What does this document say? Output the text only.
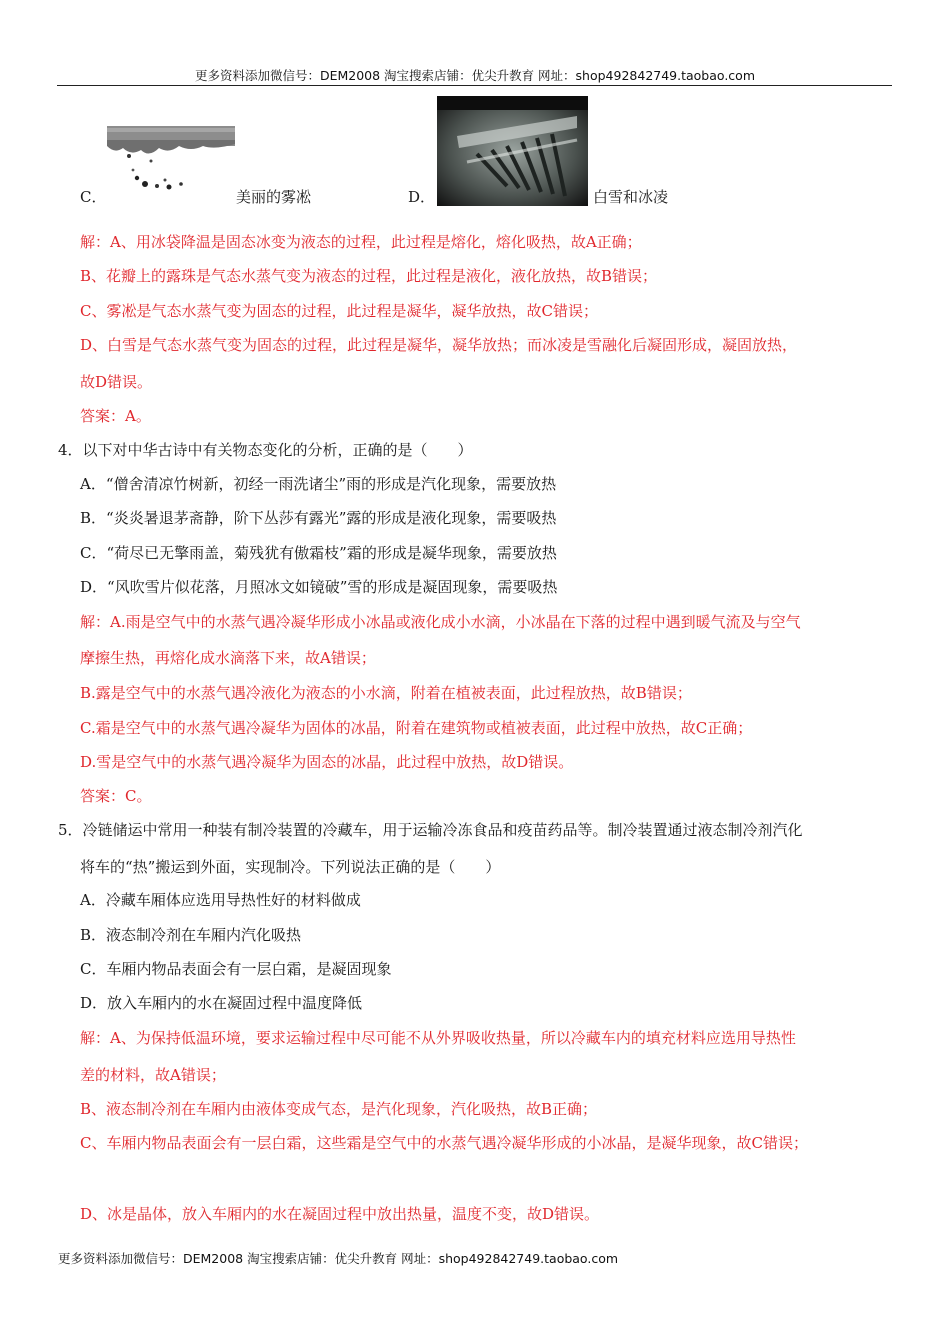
更多资料添加微信号：DEM2008 淘宝搜索店铺：优尖升教育 网址：shop492842749.taobao.com
C．	美丽的雾凇	D．	白雪和冰凌
解：A、用冰袋降温是固态冰变为液态的过程，此过程是熔化，熔化吸热，故A正确；
B、花瓣上的露珠是气态水蒸气变为液态的过程，此过程是液化，液化放热，故B错误；
C、雾凇是气态水蒸气变为固态的过程，此过程是凝华，凝华放热，故C错误；
D、白雪是气态水蒸气变为固态的过程，此过程是凝华，凝华放热；而冰凌是雪融化后凝固形成，凝固放热，
故D错误。
答案：A。
4．以下对中华古诗中有关物态变化的分析，正确的是（　　）
A．“僧舍清凉竹树新，初经一雨洗诸尘”雨的形成是汽化现象，需要放热
B．“炎炎暑退茅斋静，阶下丛莎有露光”露的形成是液化现象，需要吸热
C．“荷尽已无擎雨盖，菊残犹有傲霜枝”霜的形成是凝华现象，需要放热
D．“风吹雪片似花落，月照冰文如镜破”雪的形成是凝固现象，需要吸热
解：A.雨是空气中的水蒸气遇冷凝华形成小冰晶或液化成小水滴，小冰晶在下落的过程中遇到暖气流及与空气
摩擦生热，再熔化成水滴落下来，故A错误；
B.露是空气中的水蒸气遇冷液化为液态的小水滴，附着在植被表面，此过程放热，故B错误；
C.霜是空气中的水蒸气遇冷凝华为固体的冰晶，附着在建筑物或植被表面，此过程中放热，故C正确；
D.雪是空气中的水蒸气遇冷凝华为固态的冰晶，此过程中放热，故D错误。
答案：C。
5．冷链储运中常用一种装有制冷装置的冷藏车，用于运输冷冻食品和疫苗药品等。制冷装置通过液态制冷剂汽化
将车的“热”搬运到外面，实现制冷。下列说法正确的是（　　）
A．冷藏车厢体应选用导热性好的材料做成
B．液态制冷剂在车厢内汽化吸热
C．车厢内物品表面会有一层白霜，是凝固现象
D．放入车厢内的水在凝固过程中温度降低
解：A、为保持低温环境，要求运输过程中尽可能不从外界吸收热量，所以冷藏车内的填充材料应选用导热性
差的材料，故A错误；
B、液态制冷剂在车厢内由液体变成气态，是汽化现象，汽化吸热，故B正确；
C、车厢内物品表面会有一层白霜，这些霜是空气中的水蒸气遇冷凝华形成的小冰晶，是凝华现象，故C错误；
D、冰是晶体，放入车厢内的水在凝固过程中放出热量，温度不变，故D错误。
更多资料添加微信号：DEM2008 淘宝搜索店铺：优尖升教育 网址：shop492842749.taobao.com
